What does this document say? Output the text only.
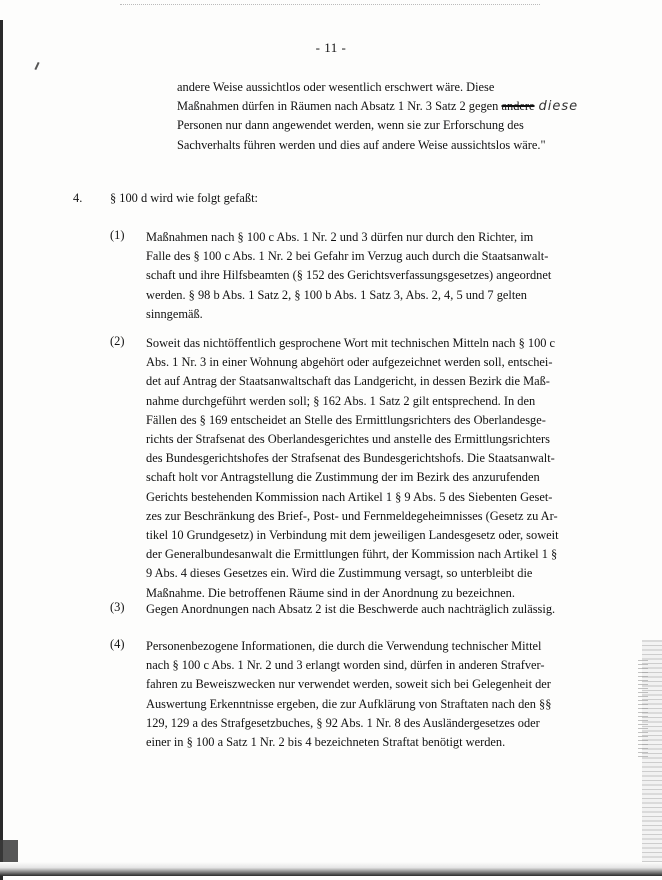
- 11 -

andere Weise aussichtlos oder wesentlich erschwert wäre. Diese

Maßnahmen dürfen in Räumen nach Absatz 1 Nr. 3 Satz 2 gegen andere diese

Personen nur dann angewendet werden, wenn sie zur Erforschung des

Sachverhalts führen werden und dies auf andere Weise aussichtslos wäre."

4. § 100 d wird wie folgt gefaßt:
(1) Maßnahmen nach § 100 c Abs. 1 Nr. 2 und 3 dürfen nur durch den Richter, im

Falle des § 100 c Abs. 1 Nr. 2 bei Gefahr im Verzug auch durch die Staatsanwalt-

schaft und ihre Hilfsbeamten (§ 152 des Gerichtsverfassungsgesetzes) angeordnet

werden. § 98 b Abs. 1 Satz 2, § 100 b Abs. 1 Satz 3, Abs. 2, 4, 5 und 7 gelten

sinngemäß.

(2) Soweit das nichtöffentlich gesprochene Wort mit technischen Mitteln nach § 100 c

Abs. 1 Nr. 3 in einer Wohnung abgehört oder aufgezeichnet werden soll, entschei-

det auf Antrag der Staatsanwaltschaft das Landgericht, in dessen Bezirk die Maß-

nahme durchgeführt werden soll; § 162 Abs. 1 Satz 2 gilt entsprechend. In den

Fällen des § 169 entscheidet an Stelle des Ermittlungsrichters des Oberlandesge-

richts der Strafsenat des Oberlandesgerichtes und anstelle des Ermittlungsrichters

des Bundesgerichtshofes der Strafsenat des Bundesgerichtshofs. Die Staatsanwalt-

schaft holt vor Antragstellung die Zustimmung der im Bezirk des anzurufenden

Gerichts bestehenden Kommission nach Artikel 1 § 9 Abs. 5 des Siebenten Geset-

zes zur Beschränkung des Brief-, Post- und Fernmeldegeheimnisses (Gesetz zu Ar-

tikel 10 Grundgesetz) in Verbindung mit dem jeweiligen Landesgesetz oder, soweit

der Generalbundesanwalt die Ermittlungen führt, der Kommission nach Artikel 1 §

9 Abs. 4 dieses Gesetzes ein. Wird die Zustimmung versagt, so unterbleibt die

Maßnahme. Die betroffenen Räume sind in der Anordnung zu bezeichnen.

(3) Gegen Anordnungen nach Absatz 2 ist die Beschwerde auch nachträglich zulässig.

(4) Personenbezogene Informationen, die durch die Verwendung technischer Mittel

nach § 100 c Abs. 1 Nr. 2 und 3 erlangt worden sind, dürfen in anderen Strafver-

fahren zu Beweiszwecken nur verwendet werden, soweit sich bei Gelegenheit der

Auswertung Erkenntnisse ergeben, die zur Aufklärung von Straftaten nach den §§

129, 129 a des Strafgesetzbuches, § 92 Abs. 1 Nr. 8 des Ausländergesetzes oder

einer in § 100 a Satz 1 Nr. 2 bis 4 bezeichneten Straftat benötigt werden.
